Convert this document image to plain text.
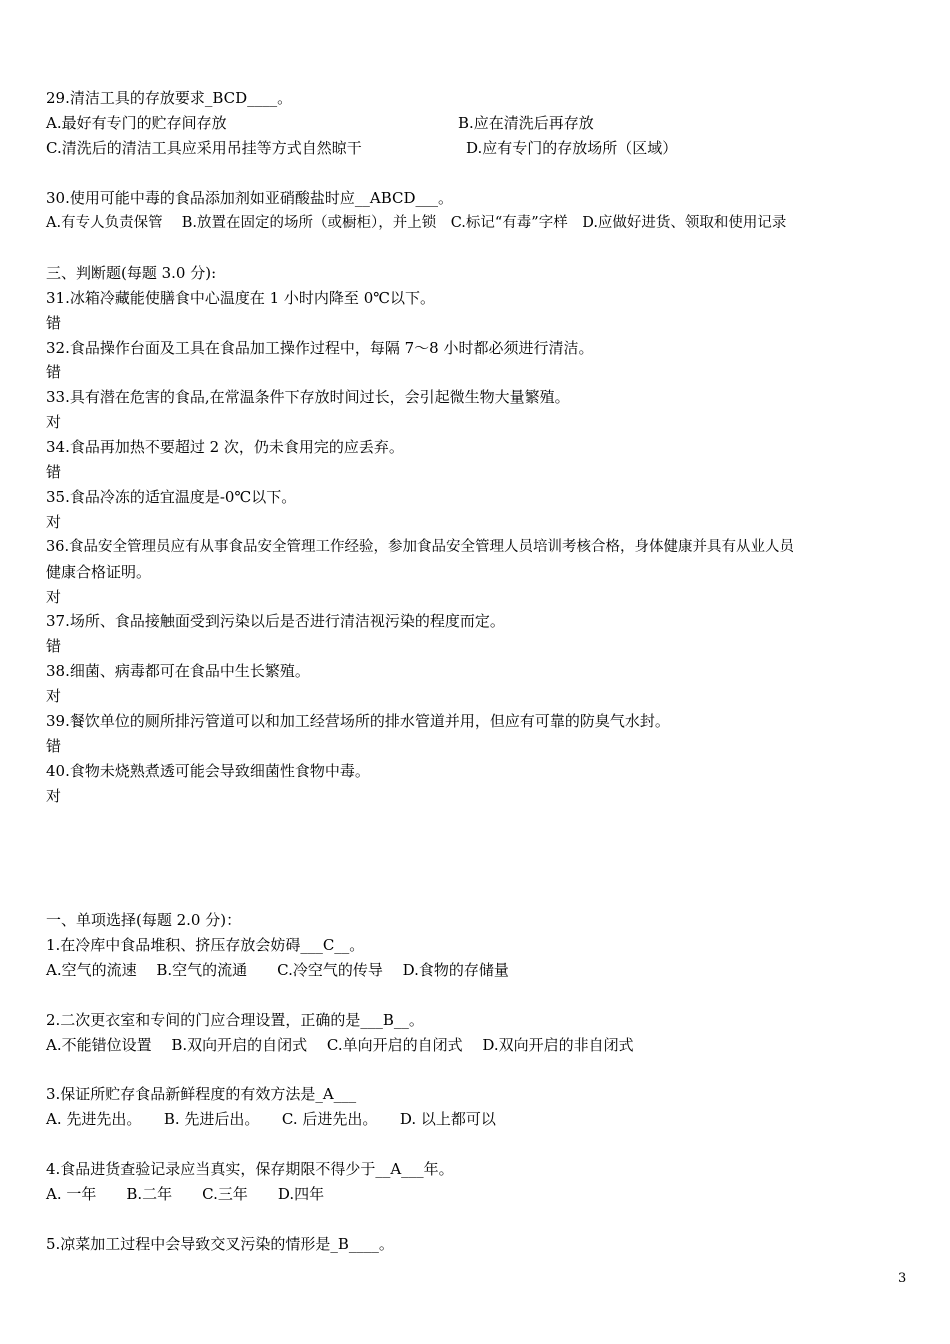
29.清洁工具的存放要求_BCD____。
A.最好有专门的贮存间存放	B.应在清洗后再存放
C.清洗后的清洁工具应采用吊挂等方式自然晾干	D.应有专门的存放场所（区域）
30.使用可能中毒的食品添加剂如亚硝酸盐时应__ABCD___。
A.有专人负责保管　 B.放置在固定的场所（或橱柜），并上锁　C.标记“有毒”字样　D.应做好进货、领取和使用记录
三、判断题(每题 3.0 分):
31.冰箱冷藏能使膳食中心温度在 1 小时内降至 0℃以下。
错
32.食品操作台面及工具在食品加工操作过程中，每隔 7～8 小时都必须进行清洁。
错
33.具有潜在危害的食品,在常温条件下存放时间过长，会引起微生物大量繁殖。
对
34.食品再加热不要超过 2 次，仍未食用完的应丢弃。
错
35.食品冷冻的适宜温度是-0℃以下。
对
36.食品安全管理员应有从事食品安全管理工作经验，参加食品安全管理人员培训考核合格，身体健康并具有从业人员
健康合格证明。
对
37.场所、食品接触面受到污染以后是否进行清洁视污染的程度而定。
错
38.细菌、病毒都可在食品中生长繁殖。
对
39.餐饮单位的厕所排污管道可以和加工经营场所的排水管道并用，但应有可靠的防臭气水封。
错
40.食物未烧熟煮透可能会导致细菌性食物中毒。
对
一、单项选择(每题 2.0 分)：
1.在冷库中食品堆积、挤压存放会妨碍___C__。
A.空气的流速　 B.空气的流通　　C.冷空气的传导　 D.食物的存储量
2.二次更衣室和专间的门应合理设置，正确的是___B__。
A.不能错位设置　 B.双向开启的自闭式　 C.单向开启的自闭式　 D.双向开启的非自闭式
3.保证所贮存食品新鲜程度的有效方法是_A___
A. 先进先出。　　B. 先进后出。　　C. 后进先出。　　D. 以上都可以
4.食品进货查验记录应当真实，保存期限不得少于__A___年。
A. 一年　　B.二年　　C.三年　　D.四年
5.凉菜加工过程中会导致交叉污染的情形是_B____。
3
